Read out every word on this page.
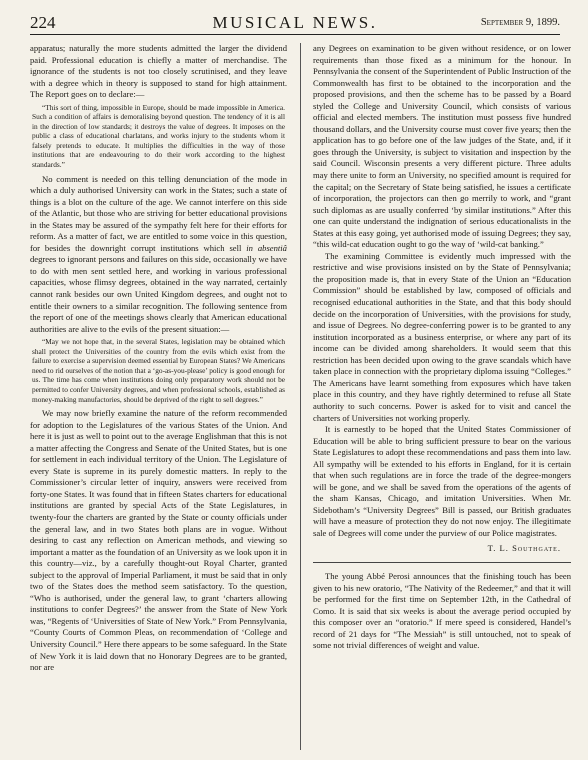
224	MUSICAL NEWS.	September 9, 1899.

apparatus; naturally the more students admitted the larger the dividend paid. Professional education is chiefly a matter of merchandise. The ignorance of the students is not too closely scrutinised, and they leave with a degree which in theory is supposed to stand for high attainment. The Report goes on to declare:—

“This sort of thing, impossible in Europe, should be made impossible in America. Such a condition of affairs is demoralising beyond question. The tendency of it is all in the direction of low standards; it destroys the value of degrees. It imposes on the public a class of educational charlatans, and works injury to the students whom it falsely pretends to educate. It multiplies the difficulties in the way of those institutions that are endeavouring to do their work according to the highest standards.”

No comment is needed on this telling denunciation of the mode in which a duly authorised University can work in the States; such a state of things is a blot on the culture of the age. We cannot interfere on this side of the Atlantic, but those who are striving for better educational provisions in the States may be assured of the sympathy felt here for their efforts for reform. As a matter of fact, we are entitled to some voice in this question, for besides the downright corrupt institutions which sell in absentiâ degrees to ignorant persons and failures on this side, occasionally we have to do with men sent settled here, and working in various professional capacities, whose flimsy degrees, obtained in the way narrated, certainly cannot rank besides our own United Kingdom degrees, and ought not to entitle their owners to a similar recognition. The following sentence from the report of one of the meetings shows clearly that American educational authorities are alive to the evils of the present situation:—

“May we not hope that, in the several States, legislation may be obtained which shall protect the Universities of the country from the evils which exist from the failure to exercise a supervision deemed essential by European States? We Americans need to rid ourselves of the notion that a ‘go-as-you-please’ policy is good enough for us. The time has come when institutions doing only preparatory work should not be permitted to confer University degrees, and when professional schools, established as money-making manufactories, should be deprived of the right to sell degrees.”

We may now briefly examine the nature of the reform recommended for adoption to the Legislatures of the various States of the Union. And here it is just as well to point out to the average Englishman that this is not a matter affecting the Congress and Senate of the United States, but is one for settlement in each individual territory of the Union. The Legislature of every State is supreme in its purely domestic matters. In reply to the Commissioner’s circular letter of inquiry, answers were received from forty-one States. It was found that in fifteen States charters for educational institutions are granted by special Acts of the State Legislatures, in twenty-four the charters are granted by the State or county officials under the general law, and in two States both plans are in vogue. Without desiring to cast any reflection on American methods, and viewing so important a matter as the foundation of an University as we look upon it in this country—viz., by a carefully thought-out Royal Charter, granted subject to the approval of Imperial Parliament, it must be said that in only two of the States does the method seem satisfactory. To the question, “Who is authorised, under the general law, to grant ‘charters allowing institutions to confer Degrees?’ the answer from the State of New York was, “Regents of ‘Universities of State of New York.” From Pennsylvania, “County Courts of Common Pleas, on recommendation of ‘College and University Council.” Here there appears to be some safeguard. In the State of New York it is laid down that no Honorary Degrees are to be granted, nor are

any Degrees on examination to be given without residence, or on lower requirements than those fixed as a minimum for the honour. In Pennsylvania the consent of the Superintendent of Public Instruction of the Commonwealth has first to be obtained to the incorporation and the proposed provisions, and then the scheme has to be passed by a Board styled the College and University Council, which consists of various official and elected members. The institution must possess five hundred thousand dollars, and the University course must cover five years; then the application has to go before one of the law judges of the State, and, if it goes through the University, is subject to visitation and inspection by the said Council. Wisconsin presents a very different picture. Three adults may there unite to form an University, no specified amount is required for the capital; on the Secretary of State being satisfied, he issues a certificate of incorporation, the projectors can then go merrily to work, and “grant such diplomas as are usually conferred ‘by similar institutions.” After this one can quite understand the indignation of serious educationalists in the States at this easy going, yet authorised mode of issuing Degrees; they say, “this wild-cat education ought to go the way of ‘wild-cat banking.”

The examining Committee is evidently much impressed with the restrictive and wise provisions insisted on by the State of Pennsylvania; the proposition made is, that in every State of the Union an “Education Commission” should be established by law, composed of officials and recognised educational authorities in the State, and that this body should decide on the incorporation of Universities, with the provisions for study, and issue of Degrees. No degree-conferring power is to be granted to any institution incorporated as a business enterprise, or where any part of its income can be divided among shareholders. It would seem that this restriction has been decided upon owing to the grave scandals which have taken place in connection with the proprietary diploma issuing “Colleges.” The Americans have learnt something from exposures which have taken place in this country, and they have rightly determined to refuse all State authority to such concerns. Power is asked for to visit and cancel the charters of Universities not working properly.

It is earnestly to be hoped that the United States Commissioner of Education will be able to bring sufficient pressure to bear on the various State Legislatures to adopt these recommendations and pass them into law. All sympathy will be extended to his efforts in England, for it is certain that when such regulations are in force the trade of the degree-mongers will be gone, and we shall be saved from the operations of the agents of the sham Kansas, Chicago, and imitation Universities. When Mr. Sidebotham’s “University Degrees” Bill is passed, our British graduates will have a measure of protection they do not now enjoy. The illegitimate sale of Degrees will come under the purview of our Police magistrates.

T. L. Southgate.

The young Abbé Perosi announces that the finishing touch has been given to his new oratorio, “The Nativity of the Redeemer,” and that it will be performed for the first time on September 12th, in the Cathedral of Como. It is said that six weeks is about the average period occupied by this composer over an “oratorio.” If mere speed is considered, Handel’s record of 21 days for “The Messiah” is still untouched, not to speak of some not trivial differences of weight and value.
